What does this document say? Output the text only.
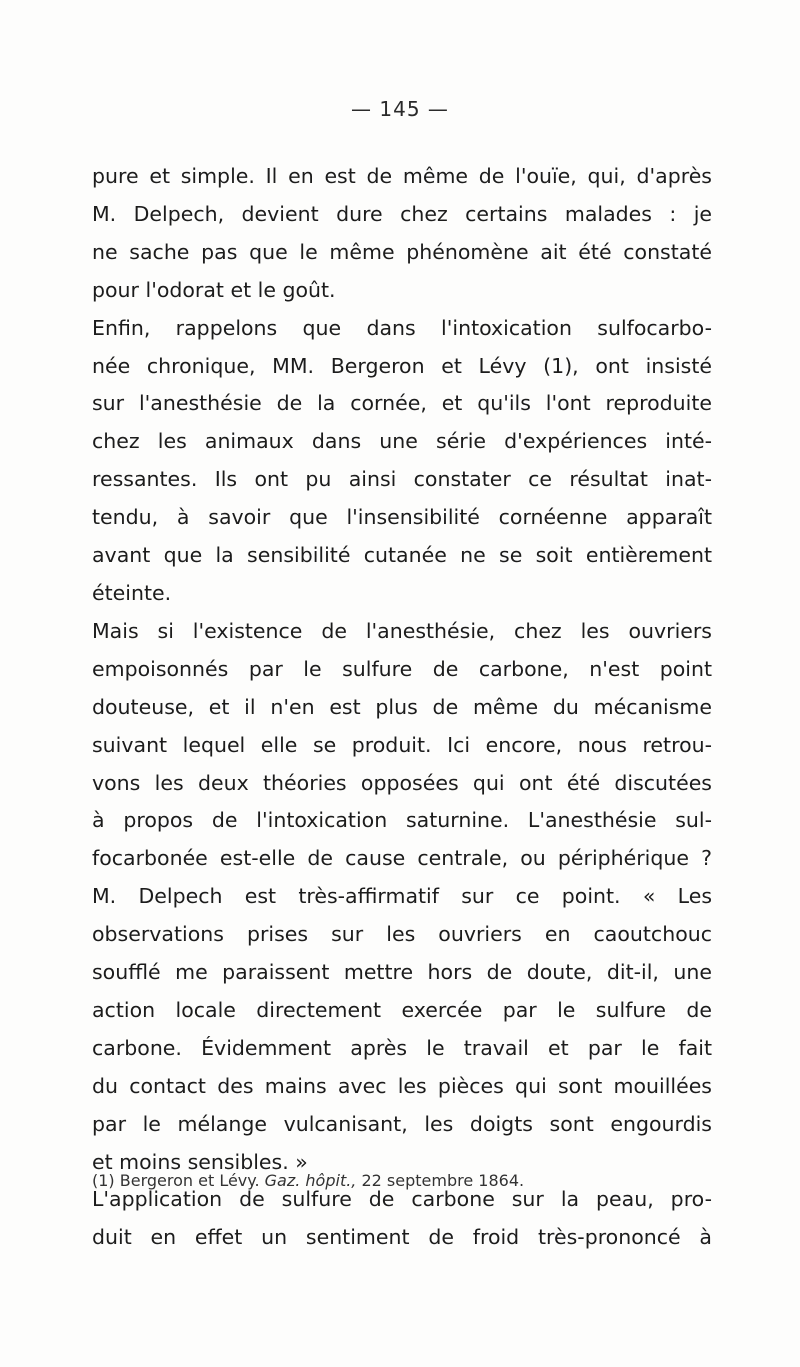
— 145 —
pure et simple. Il en est de même de l'ouïe, qui, d'après
M. Delpech, devient dure chez certains malades : je
ne sache pas que le même phénomène ait été constaté
pour l'odorat et le goût.
Enfin, rappelons que dans l'intoxication sulfocarbo-
née chronique, MM. Bergeron et Lévy (1), ont insisté
sur l'anesthésie de la cornée, et qu'ils l'ont reproduite
chez les animaux dans une série d'expériences inté-
ressantes. Ils ont pu ainsi constater ce résultat inat-
tendu, à savoir que l'insensibilité cornéenne apparaît
avant que la sensibilité cutanée ne se soit entièrement
éteinte.
Mais si l'existence de l'anesthésie, chez les ouvriers
empoisonnés par le sulfure de carbone, n'est point
douteuse, et il n'en est plus de même du mécanisme
suivant lequel elle se produit. Ici encore, nous retrou-
vons les deux théories opposées qui ont été discutées
à propos de l'intoxication saturnine. L'anesthésie sul-
focarbonée est-elle de cause centrale, ou périphérique ?
M. Delpech est très-affirmatif sur ce point. « Les
observations prises sur les ouvriers en caoutchouc
soufflé me paraissent mettre hors de doute, dit-il, une
action locale directement exercée par le sulfure de
carbone. Évidemment après le travail et par le fait
du contact des mains avec les pièces qui sont mouillées
par le mélange vulcanisant, les doigts sont engourdis
et moins sensibles. »
L'application de sulfure de carbone sur la peau, pro-
duit en effet un sentiment de froid très-prononcé à
(1) Bergeron et Lévy. Gaz. hôpit., 22 septembre 1864.
